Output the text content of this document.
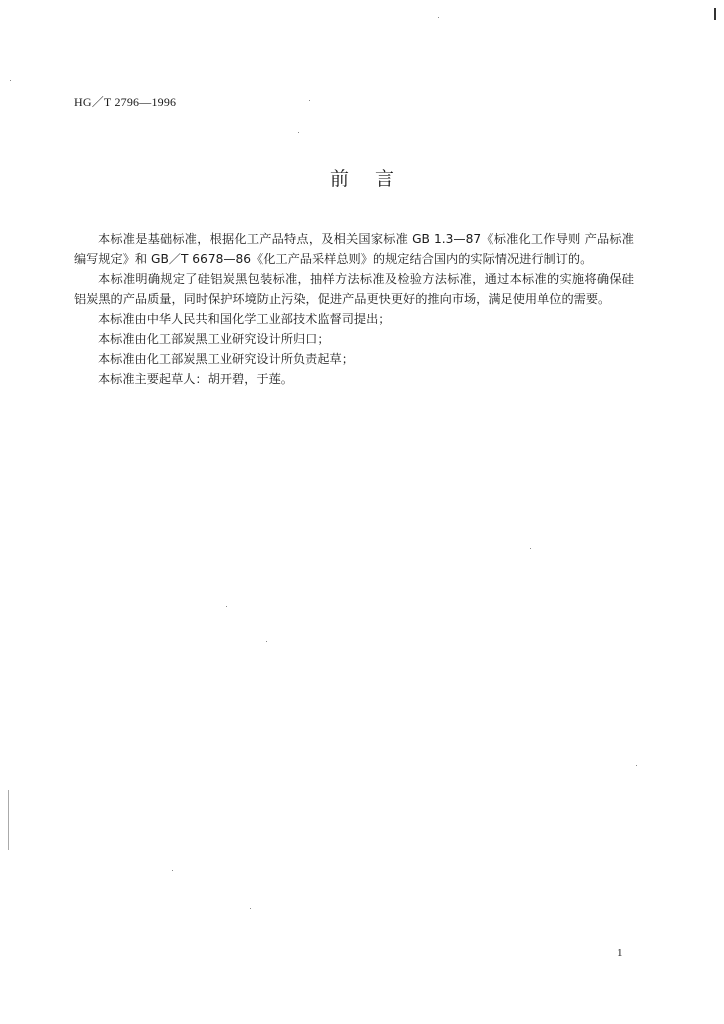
HG／T 2796—1996
前言

本标准是基础标准，根据化工产品特点，及相关国家标准 GB 1.3—87《标准化工作导则 产品标准编写规定》和 GB／T 6678—86《化工产品采样总则》的规定结合国内的实际情况进行制订的。

本标准明确规定了硅铝炭黑包装标准，抽样方法标准及检验方法标准，通过本标准的实施将确保硅铝炭黑的产品质量，同时保护环境防止污染，促进产品更快更好的推向市场，满足使用单位的需要。

本标准由中华人民共和国化学工业部技术监督司提出；

本标准由化工部炭黑工业研究设计所归口；

本标准由化工部炭黑工业研究设计所负责起草；

本标准主要起草人：胡开碧，于莲。

1
